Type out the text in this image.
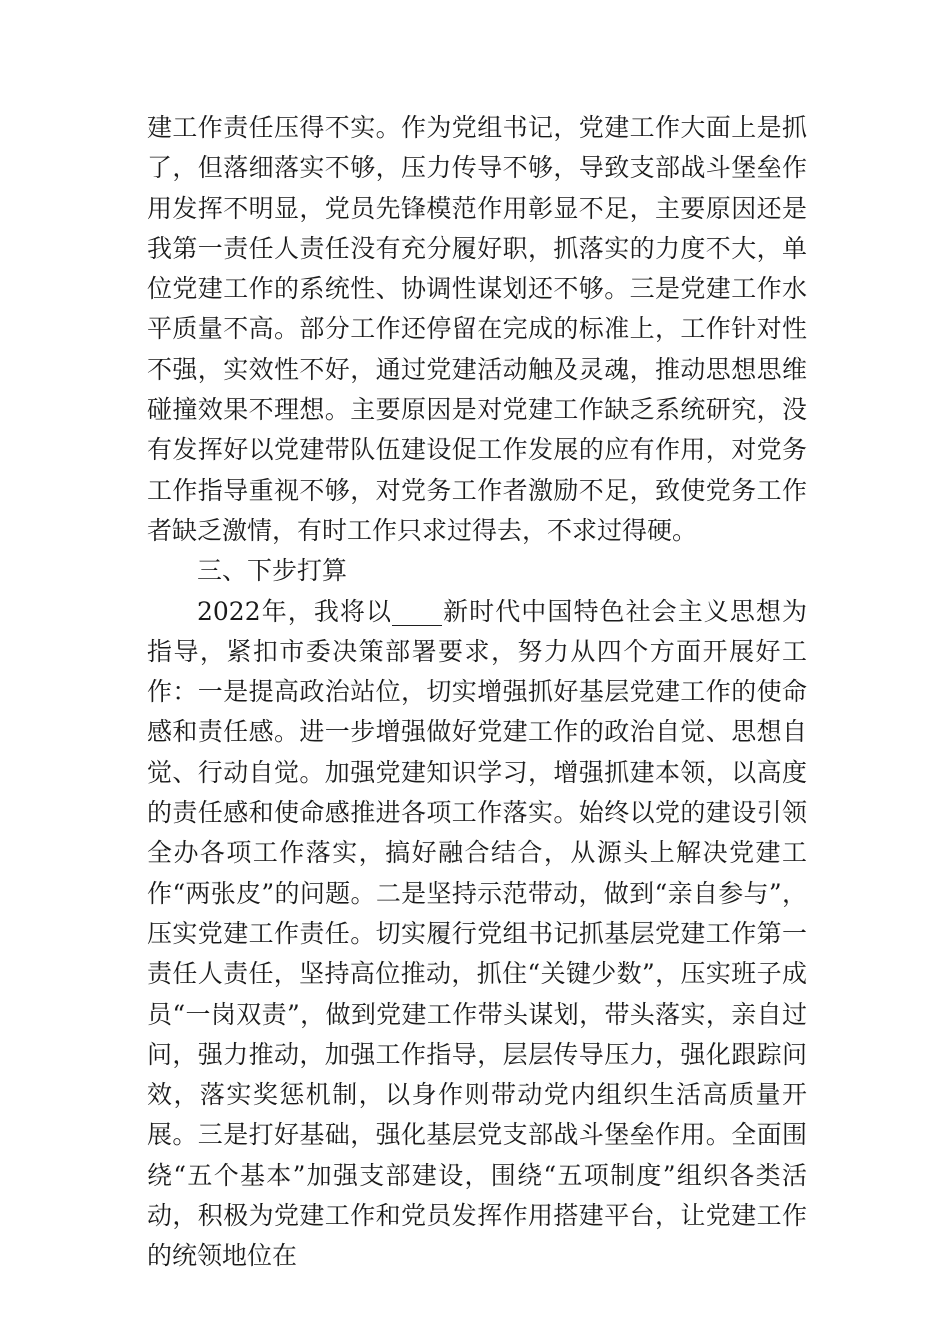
建工作责任压得不实。作为党组书记，党建工作大面上是抓了，但落细落实不够，压力传导不够，导致支部战斗堡垒作用发挥不明显，党员先锋模范作用彰显不足，主要原因还是我第一责任人责任没有充分履好职，抓落实的力度不大，单位党建工作的系统性、协调性谋划还不够。三是党建工作水平质量不高。部分工作还停留在完成的标准上，工作针对性不强，实效性不好，通过党建活动触及灵魂，推动思想思维碰撞效果不理想。主要原因是对党建工作缺乏系统研究，没有发挥好以党建带队伍建设促工作发展的应有作用，对党务工作指导重视不够，对党务工作者激励不足，致使党务工作者缺乏激情，有时工作只求过得去，不求过得硬。

三、下步打算

2022年，我将以____新时代中国特色社会主义思想为指导，紧扣市委决策部署要求，努力从四个方面开展好工作：一是提高政治站位，切实增强抓好基层党建工作的使命感和责任感。进一步增强做好党建工作的政治自觉、思想自觉、行动自觉。加强党建知识学习，增强抓建本领，以高度的责任感和使命感推进各项工作落实。始终以党的建设引领全办各项工作落实，搞好融合结合，从源头上解决党建工作“两张皮”的问题。二是坚持示范带动，做到“亲自参与”，压实党建工作责任。切实履行党组书记抓基层党建工作第一责任人责任，坚持高位推动，抓住“关键少数”，压实班子成员“一岗双责”，做到党建工作带头谋划，带头落实，亲自过问，强力推动，加强工作指导，层层传导压力，强化跟踪问效，落实奖惩机制，以身作则带动党内组织生活高质量开展。三是打好基础，强化基层党支部战斗堡垒作用。全面围绕“五个基本”加强支部建设，围绕“五项制度”组织各类活动，积极为党建工作和党员发挥作用搭建平台，让党建工作的统领地位在
